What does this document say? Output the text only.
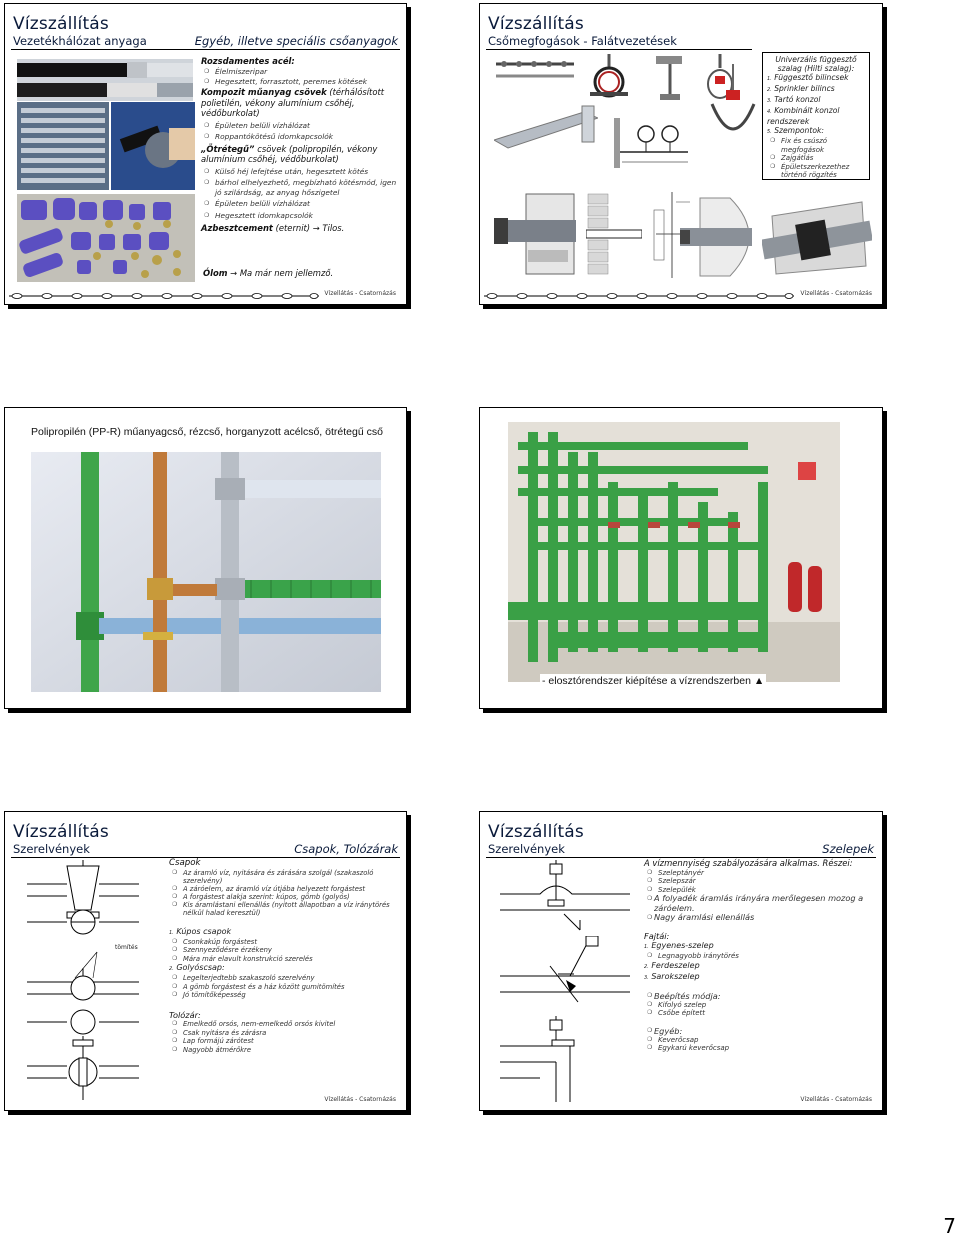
Vízszállítás
Vezetékhálózat anyaga	Egyéb, illetve speciális csőanyagok
Rozsdamentes acél:
❍ Élelmiszeripar
❍ Hegesztett, forrasztott, peremes kötések
Kompozit műanyag csövek (térhálósított polietilén, vékony alumínium csőhéj, védőburkolat)
❍ Épületen belüli vízhálózat
❍ Roppantókötésű idomkapcsolók
„Ötrétegű” csövek (polipropilén, vékony alumínium csőhéj, védőburkolat)
❍ Külső héj lefejtése után, hegesztett kötés
❍ bárhol elhelyezhető, megbízható kötésmód, igen jó szilárdság, az anyag hőszigetel
❍ Épületen belüli vízhálózat
❍ Hegesztett idomkapcsolók
Azbesztcement (eternit) → Tilos.
Ólom → Ma már nem jellemző.
Vízellátás - Csatornázás
Vízszállítás
Csőmegfogások - Falátvezetések
Univerzális függesztő szalag (Hilti szalag):
1. Függesztő bilincsek
2. Sprinkler bilincs
3. Tartó konzol
4. Kombinált konzol rendszerek
5. Szempontok:
❍ Fix és csúszó megfogások
❍ Zajgátlás
❍ Épületszerkezethez történő rögzítés
Vízellátás - Csatornázás
Polipropilén (PP-R) műanyagcső, rézcső, horganyzott acélcső, ötrétegű cső
- elosztórendszer kiépítése a vízrendszerben ▲
Vízszállítás
Szerelvények	Csapok, Tolózárak
tömítés
Csapok
❍ Az áramló víz, nyitására és zárására szolgál (szakaszoló szerelvény)
❍ A záróelem, az áramló víz útjába helyezett forgástest
❍ A forgástest alakja szerint: kúpos, gömb (golyós)
❍ Kis áramlástani ellenállás (nyitott állapotban a víz iránytörés nélkül halad keresztül)
1. Kúpos csapok
❍ Csonkakúp forgástest
❍ Szennyeződésre érzékeny
❍ Mára már elavult konstrukció szerelés
2. Golyóscsap:
❍ Legelterjedtebb szakaszoló szerelvény
❍ A gömb forgástest és a ház között gumitömítés
❍ Jó tömítőképesség
Tolózár:
❍ Emelkedő orsós, nem-emelkedő orsós kivitel
❍ Csak nyitásra és zárásra
❍ Lap formájú zárótest
❍ Nagyobb átmérőkre
Vízellátás - Csatornázás
Vízszállítás
Szerelvények	Szelepek
A vízmennyiség szabályozására alkalmas. Részei:
❍ Szeleptányér
❍ Szelepszár
❍ Szelepülék
❍ A folyadék áramlás irányára merőlegesen mozog a záróelem.
❍ Nagy áramlási ellenállás
Fajtái:
1. Egyenes-szelep
❍ Legnagyobb iránytörés
2. Ferdeszelep
3. Sarokszelep
❍ Beépítés módja:
❍ Kifolyó szelep
❍ Csőbe épített
❍ Egyéb:
❍ Keverőcsap
❍ Egykarú keverőcsap
Vízellátás - Csatornázás
7
